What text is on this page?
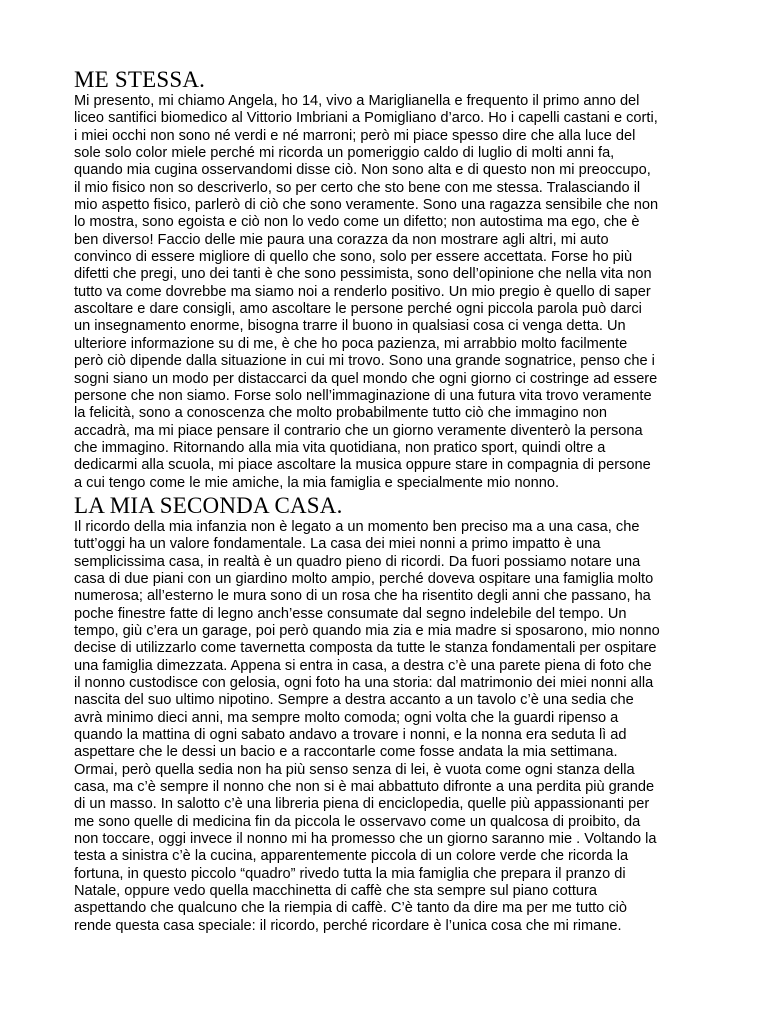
ME STESSA.
Mi presento, mi chiamo Angela, ho 14, vivo a Mariglianella e frequento il primo anno del
liceo santifici biomedico al Vittorio Imbriani a Pomigliano d’arco. Ho i capelli castani e corti,
i miei occhi non sono né verdi e né marroni; però mi piace spesso dire che alla luce del
sole solo color miele perché mi ricorda un pomeriggio caldo di luglio di molti anni fa,
quando mia cugina osservandomi disse ciò. Non sono alta e di questo non mi preoccupo,
il mio fisico non so descriverlo, so per certo che sto bene con me stessa. Tralasciando il
mio aspetto fisico, parlerò di ciò che sono veramente. Sono una ragazza sensibile che non
lo mostra, sono egoista e ciò non lo vedo come un difetto; non autostima ma ego, che è
ben diverso! Faccio delle mie paura una corazza da non mostrare agli altri, mi auto
convinco di essere migliore di quello che sono, solo per essere accettata. Forse ho più
difetti che pregi, uno dei tanti è che sono pessimista, sono dell’opinione che nella vita non
tutto va come dovrebbe ma siamo noi a renderlo positivo. Un mio pregio è quello di saper
ascoltare e dare consigli, amo ascoltare le persone perché ogni piccola parola può darci
un insegnamento enorme, bisogna trarre il buono in qualsiasi cosa ci venga detta. Un
ulteriore informazione su di me, è che ho poca pazienza, mi arrabbio molto facilmente
però ciò dipende dalla situazione in cui mi trovo. Sono una grande sognatrice, penso che i
sogni siano un modo per distaccarci da quel mondo che ogni giorno ci costringe ad essere
persone che non siamo. Forse solo nell’immaginazione di una futura vita trovo veramente
la felicità, sono a conoscenza che molto probabilmente tutto ciò che immagino non
accadrà, ma mi piace pensare il contrario che un giorno veramente diventerò la persona
che immagino. Ritornando alla mia vita quotidiana, non pratico sport, quindi oltre a
dedicarmi alla scuola, mi piace ascoltare la musica oppure stare in compagnia di persone
a cui tengo come le mie amiche, la mia famiglia e specialmente mio nonno.
LA MIA SECONDA CASA.
Il ricordo della mia infanzia non è legato a un momento ben preciso ma a una casa, che
tutt’oggi ha un valore fondamentale. La casa dei miei nonni a primo impatto è una
semplicissima casa, in realtà è un quadro pieno di ricordi. Da fuori possiamo notare una
casa di due piani con un giardino molto ampio, perché doveva ospitare una famiglia molto
numerosa; all’esterno le mura sono di un rosa che ha risentito degli anni che passano, ha
poche finestre fatte di legno anch’esse consumate dal segno indelebile del tempo. Un
tempo, giù c’era un garage, poi però quando mia zia e mia madre si sposarono, mio nonno
decise di utilizzarlo come tavernetta composta da tutte le stanza fondamentali per ospitare
una famiglia dimezzata. Appena si entra in casa, a destra c’è una parete piena di foto che
il nonno custodisce con gelosia, ogni foto ha una storia: dal matrimonio dei miei nonni alla
nascita del suo ultimo nipotino. Sempre a destra accanto a un tavolo c’è una sedia che
avrà minimo dieci anni, ma sempre molto comoda; ogni volta che la guardi ripenso a
quando la mattina di ogni sabato andavo a trovare i nonni, e la nonna era seduta lì ad
aspettare che le dessi un bacio e a raccontarle come fosse andata la mia settimana.
Ormai, però quella sedia non ha più senso senza di lei, è vuota come ogni stanza della
casa, ma c’è sempre il nonno che non si è mai abbattuto difronte a una perdita più grande
di un masso. In salotto c’è una libreria piena di enciclopedia, quelle più appassionanti per
me sono quelle di medicina fin da piccola le osservavo come un qualcosa di proibito, da
non toccare, oggi invece il nonno mi ha promesso che un giorno saranno mie . Voltando la
testa a sinistra c’è la cucina, apparentemente piccola di un colore verde che ricorda la
fortuna, in questo piccolo “quadro” rivedo tutta la mia famiglia che prepara il pranzo di
Natale, oppure vedo quella macchinetta di caffè che sta sempre sul piano cottura
aspettando che qualcuno che la riempia di caffè. C’è tanto da dire ma per me tutto ciò
rende questa casa speciale: il ricordo, perché ricordare è l’unica cosa che mi rimane.
